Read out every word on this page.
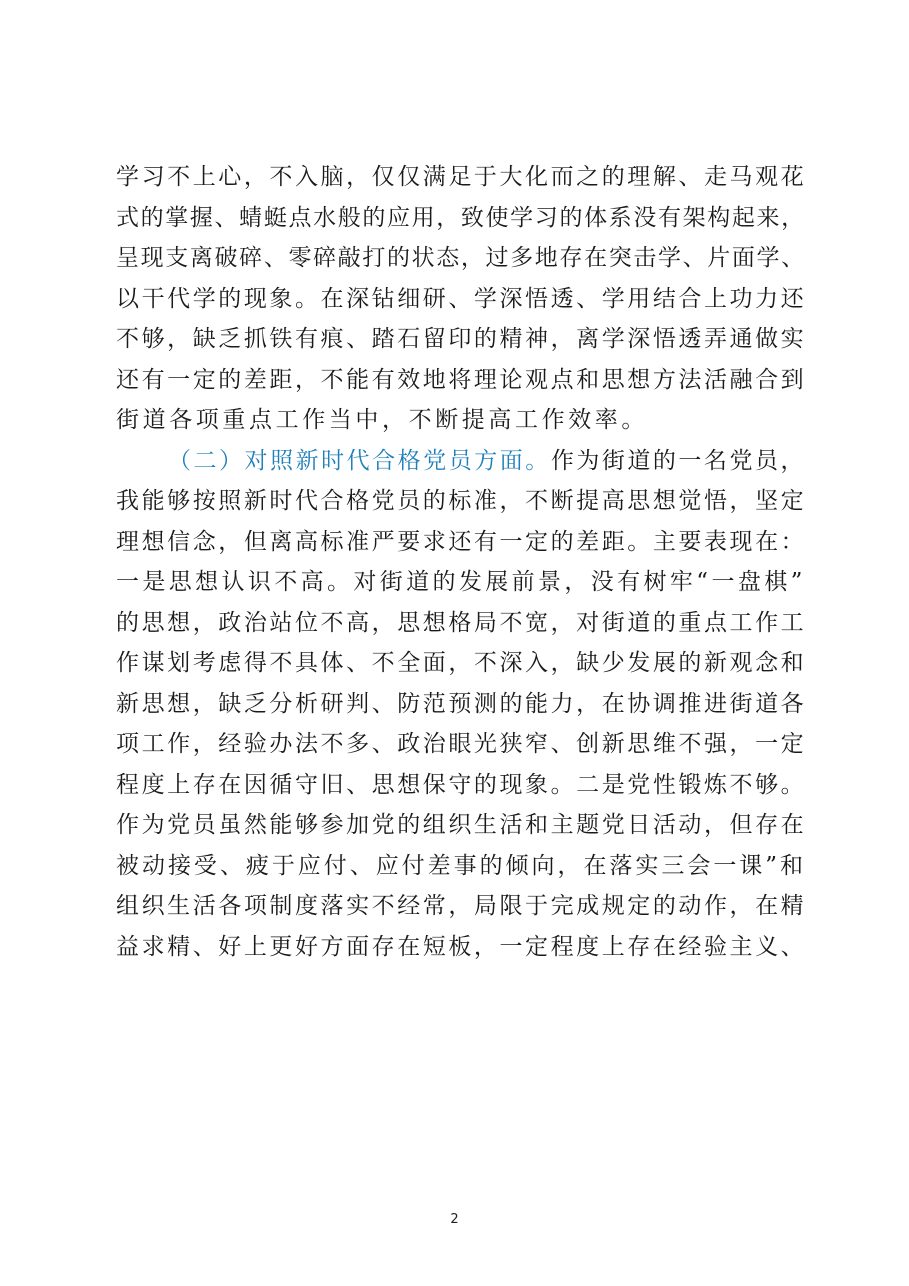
学习不上心，不入脑，仅仅满足于大化而之的理解、走马观花
式的掌握、蜻蜓点水般的应用，致使学习的体系没有架构起来，
呈现支离破碎、零碎敲打的状态，过多地存在突击学、片面学、
以干代学的现象。在深钻细研、学深悟透、学用结合上功力还
不够，缺乏抓铁有痕、踏石留印的精神，离学深悟透弄通做实
还有一定的差距，不能有效地将理论观点和思想方法活融合到
街道各项重点工作当中，不断提高工作效率。
（二）对照新时代合格党员方面。作为街道的一名党员，
我能够按照新时代合格党员的标准，不断提高思想觉悟，坚定
理想信念，但离高标准严要求还有一定的差距。主要表现在：
一是思想认识不高。对街道的发展前景，没有树牢“一盘棋”
的思想，政治站位不高，思想格局不宽，对街道的重点工作工
作谋划考虑得不具体、不全面，不深入，缺少发展的新观念和
新思想，缺乏分析研判、防范预测的能力，在协调推进街道各
项工作，经验办法不多、政治眼光狭窄、创新思维不强，一定
程度上存在因循守旧、思想保守的现象。二是党性锻炼不够。
作为党员虽然能够参加党的组织生活和主题党日活动，但存在
被动接受、疲于应付、应付差事的倾向，在落实三会一课”和
组织生活各项制度落实不经常，局限于完成规定的动作，在精
益求精、好上更好方面存在短板，一定程度上存在经验主义、
2
